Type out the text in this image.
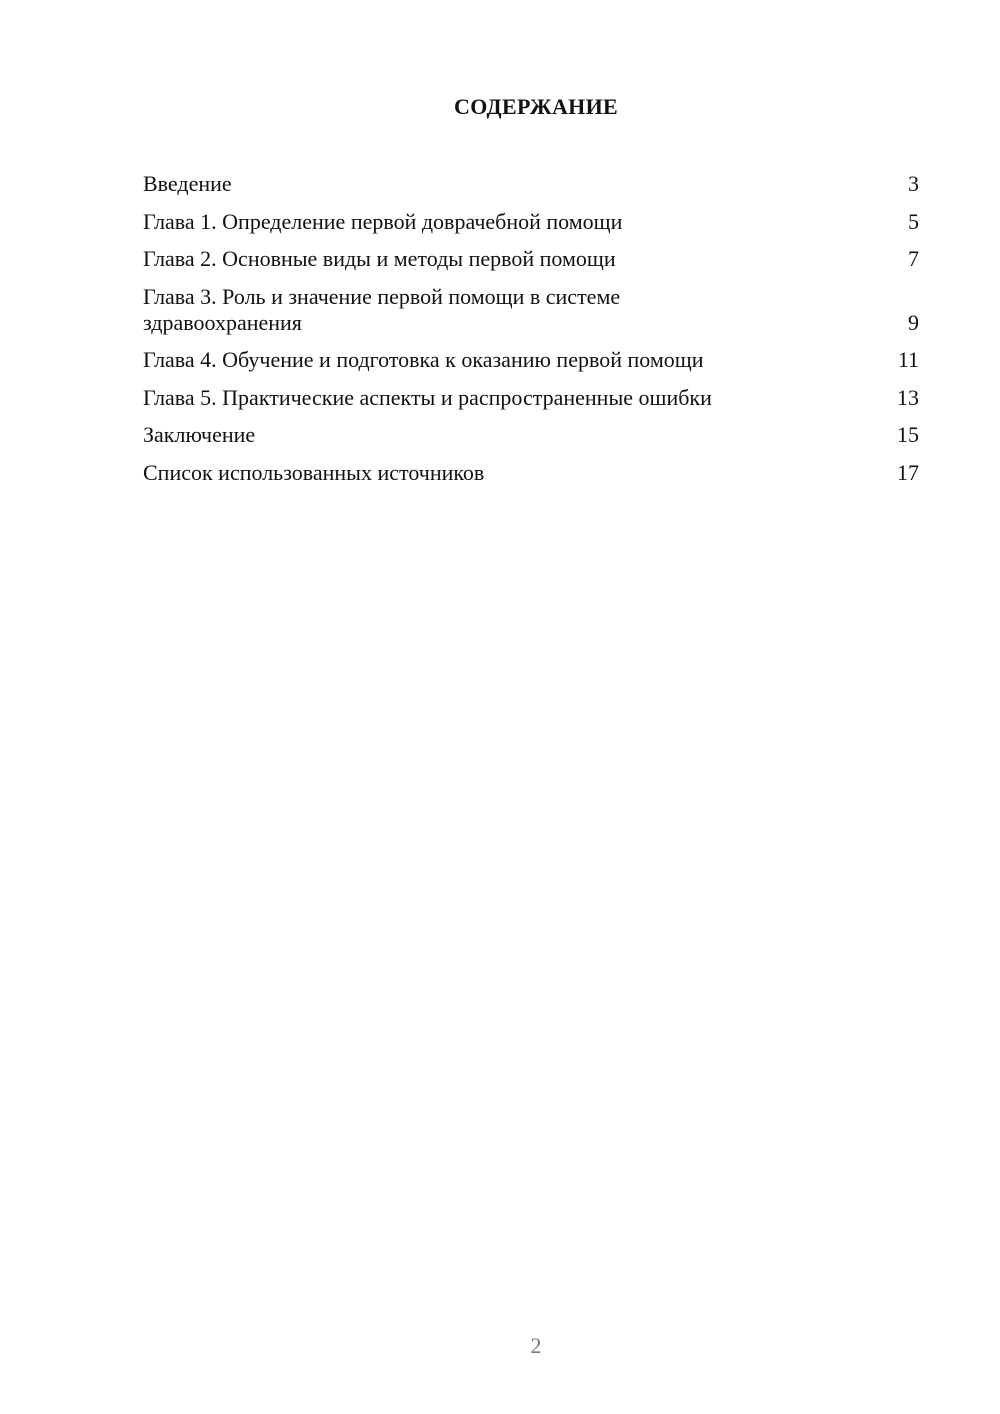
СОДЕРЖАНИЕ
Введение	3
Глава 1. Определение первой доврачебной помощи	5
Глава 2. Основные виды и методы первой помощи	7
Глава 3. Роль и значение первой помощи в системе здравоохранения	9
Глава 4. Обучение и подготовка к оказанию первой помощи	11
Глава 5. Практические аспекты и распространенные ошибки	13
Заключение	15
Список использованных источников	17
2
